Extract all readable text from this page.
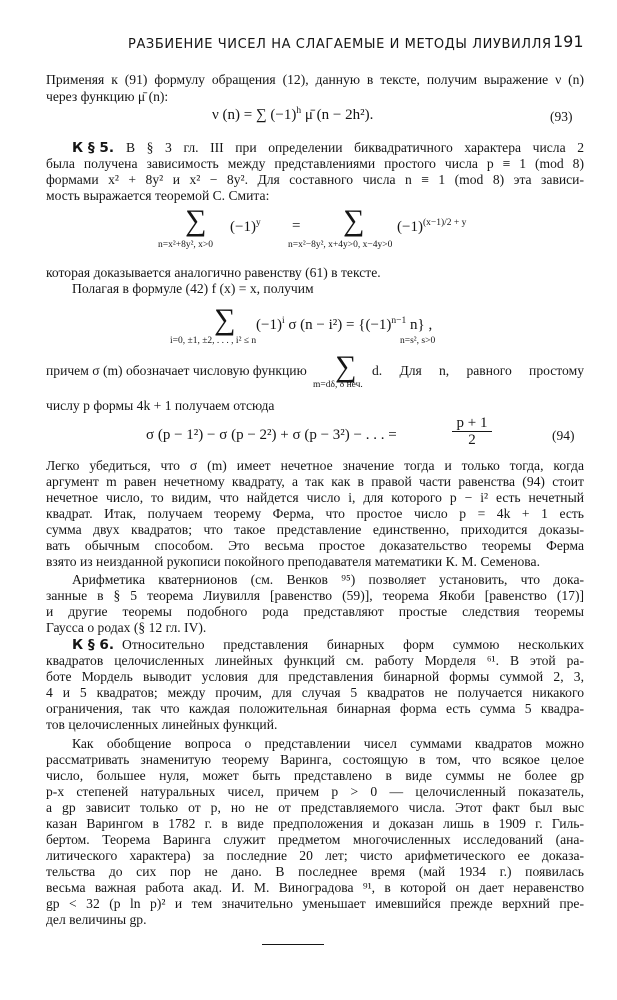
РАЗБИЕНИЕ ЧИСЕЛ НА СЛАГАЕМЫЕ И МЕТОДЫ ЛИУВИЛЛЯ 191
Применяя к (91) формулу обращения (12), данную в тексте, получим выражение ν (n)
через функцию μ̄ (n):
ν (n) = ∑ $(-1)^h$ μ̄ (n − 2h²).	(93)
К § 5. В § 3 гл. III при определении биквадратичного характера числа 2
была получена зависимость между представлениями простого числа p ≡ 1 (mod 8)
формами x² + 8y² и x² − 8y². Для составного числа n ≡ 1 (mod 8) эта зависи-
мость выражается теоремой С. Смита:
∑ $(-1)^y$ = ∑ $(-1)^{(x-1)/2 + y}$
n=x²+8y², x>0	n=x²−8y², x+4y>0, x−4y>0
которая доказывается аналогично равенству (61) в тексте.
Полагая в формуле (42) f (x) = x, получим
∑ $(-1)^i$ σ $(n - i^2) = \{(-1)^{n-1}$ n} ,
i=0, ±1, ±2, . . . , i² ≤ n	n=s², s>0
причем σ (m) обозначает числовую функцию ∑ d. Для n, равного простому
m=dδ, δ неч.
числу p формы 4k + 1 получаем отсюда
σ (p − 1²) − σ (p − 2²) + σ (p − 3²) − . . . =	$\frac{p + 1}{2}$	(94)
Легко убедиться, что σ (m) имеет нечетное значение тогда и только тогда, когда
аргумент m равен нечетному квадрату, а так как в правой части равенства (94) стоит
нечетное число, то видим, что найдется число i, для которого p − i² есть нечетный
квадрат. Итак, получаем теорему Ферма, что простое число p = 4k + 1 есть
сумма двух квадратов; что такое представление единственно, приходится доказы-
вать обычным способом. Это весьма простое доказательство теоремы Ферма
взято из неизданной рукописи покойного преподавателя математики К. М. Семенова.
Арифметика кватернионов (см. Венков ⁹⁵) позволяет установить, что дока-
занные в § 5 теорема Лиувилля [равенство (59)], теорема Якоби [равенство (17)]
и другие теоремы подобного рода представляют простые следствия теоремы
Гаусса о родах (§ 12 гл. IV).
К § 6. Относительно представления бинарных форм суммою нескольких
квадратов целочисленных линейных функций см. работу Морделя ⁶¹. В этой ра-
боте Мордель выводит условия для представления бинарной формы суммой 2, 3,
4 и 5 квадратов; между прочим, для случая 5 квадратов не получается никакого
ограничения, так что каждая положительная бинарная форма есть сумма 5 квадра-
тов целочисленных линейных функций.
Как обобщение вопроса о представлении чисел суммами квадратов можно
рассматривать знаменитую теорему Варинга, состоящую в том, что всякое целое
число, большее нуля, может быть представлено в виде суммы не более gp
p-х степеней натуральных чисел, причем p > 0 — целочисленный показатель,
а gp зависит только от p, но не от представляемого числа. Этот факт был выс
казан Варингом в 1782 г. в виде предположения и доказан лишь в 1909 г. Гиль-
бертом. Теорема Варинга служит предметом многочисленных исследований (ана-
литического характера) за последние 20 лет; чисто арифметического ее доказа-
тельства до сих пор не дано. В последнее время (май 1934 г.) появилась
весьма важная работа акад. И. М. Виноградова ⁹¹, в которой он дает неравенство
gp < 32 (p ln p)² и тем значительно уменьшает имевшийся прежде верхний пре-
дел величины gp.
